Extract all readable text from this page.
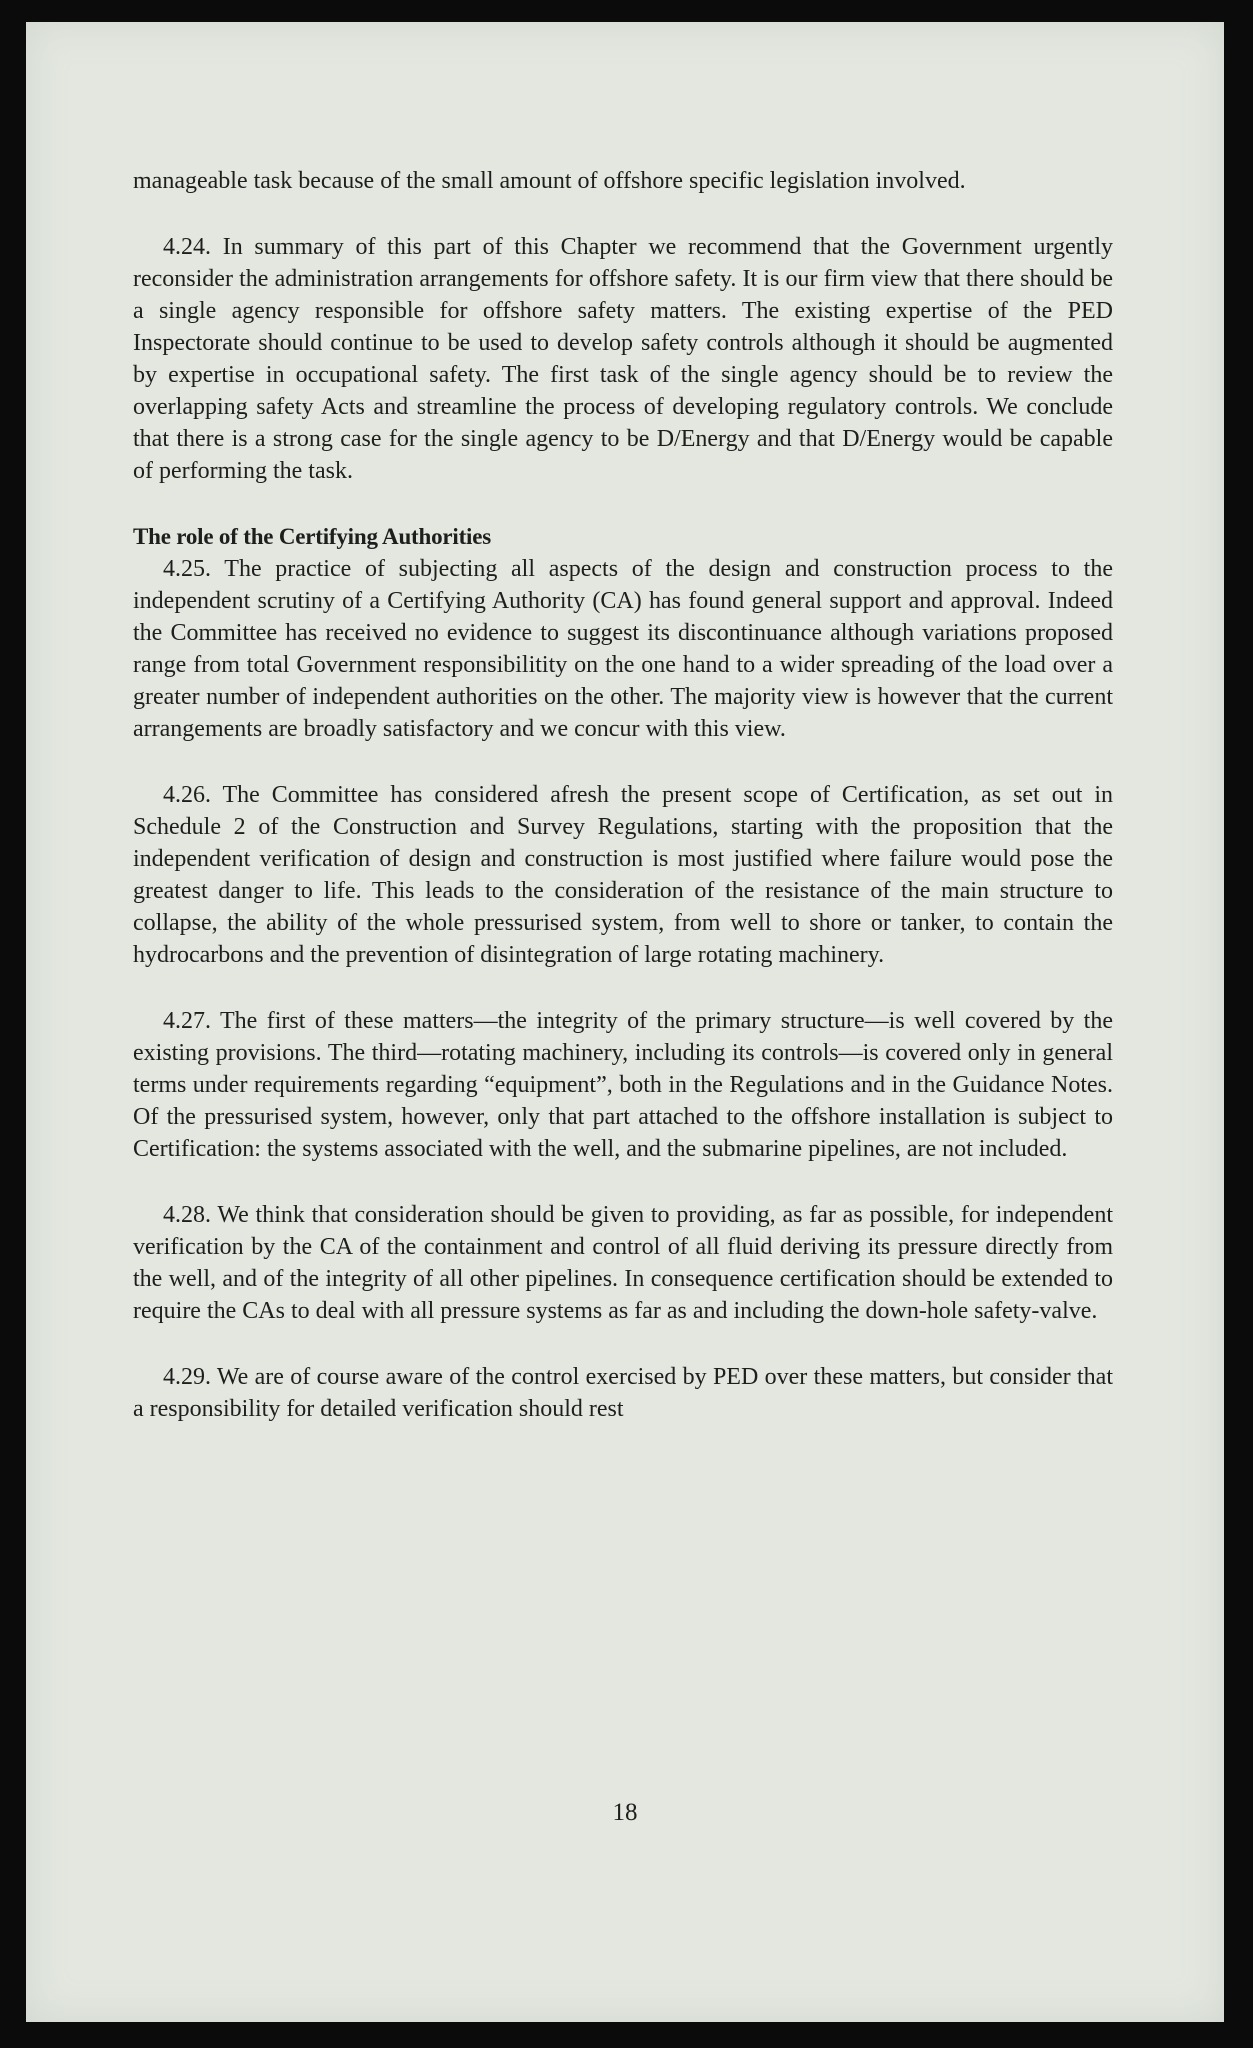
manageable task because of the small amount of offshore specific legislation involved.

4.24. In summary of this part of this Chapter we recommend that the Government urgently reconsider the administration arrangements for offshore safety. It is our firm view that there should be a single agency responsible for offshore safety matters. The existing expertise of the PED Inspectorate should continue to be used to develop safety controls although it should be augmented by expertise in occupational safety. The first task of the single agency should be to review the overlapping safety Acts and streamline the process of developing regulatory controls. We conclude that there is a strong case for the single agency to be D/Energy and that D/Energy would be capable of performing the task.

The role of the Certifying Authorities

4.25. The practice of subjecting all aspects of the design and construction process to the independent scrutiny of a Certifying Authority (CA) has found general support and approval. Indeed the Committee has received no evidence to suggest its discontinuance although variations proposed range from total Government responsibilitity on the one hand to a wider spreading of the load over a greater number of independent authorities on the other. The majority view is however that the current arrangements are broadly satisfactory and we concur with this view.

4.26. The Committee has considered afresh the present scope of Certification, as set out in Schedule 2 of the Construction and Survey Regulations, starting with the proposition that the independent verification of design and construction is most justified where failure would pose the greatest danger to life. This leads to the consideration of the resistance of the main structure to collapse, the ability of the whole pressurised system, from well to shore or tanker, to contain the hydrocarbons and the prevention of disintegration of large rotating machinery.

4.27. The first of these matters—the integrity of the primary structure—is well covered by the existing provisions. The third—rotating machinery, including its controls—is covered only in general terms under requirements regarding “equipment”, both in the Regulations and in the Guidance Notes. Of the pressurised system, however, only that part attached to the offshore installation is subject to Certification: the systems associated with the well, and the submarine pipelines, are not included.

4.28. We think that consideration should be given to providing, as far as possible, for independent verification by the CA of the containment and control of all fluid deriving its pressure directly from the well, and of the integrity of all other pipelines. In consequence certification should be extended to require the CAs to deal with all pressure systems as far as and including the down-hole safety-valve.

4.29. We are of course aware of the control exercised by PED over these matters, but consider that a responsibility for detailed verification should rest

18
